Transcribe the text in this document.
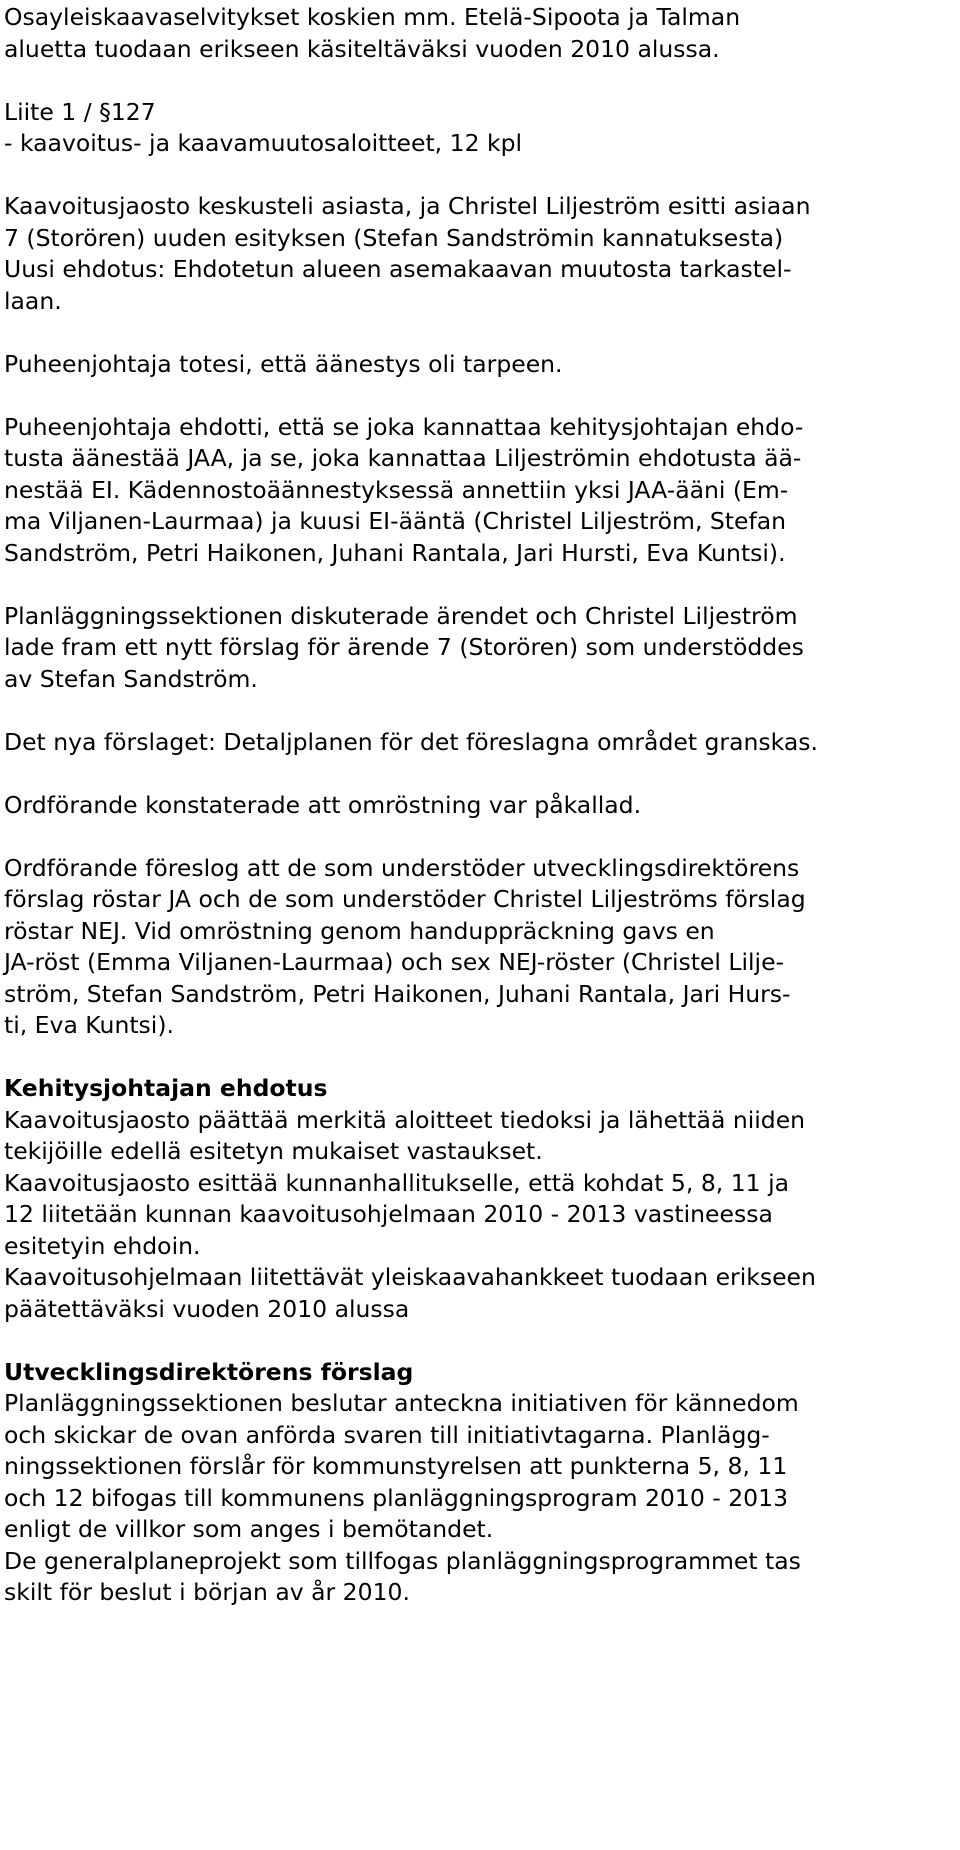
Osayleiskaavaselvitykset koskien mm. Etelä-Sipoota ja Talman
aluetta tuodaan erikseen käsiteltäväksi vuoden 2010 alussa.
Liite 1 / §127
- kaavoitus- ja kaavamuutosaloitteet, 12 kpl
Kaavoitusjaosto keskusteli asiasta, ja Christel Liljeström esitti asiaan
7 (Storören) uuden esityksen (Stefan Sandströmin kannatuksesta)
Uusi ehdotus: Ehdotetun alueen asemakaavan muutosta tarkastel-
laan.
Puheenjohtaja totesi, että äänestys oli tarpeen.
Puheenjohtaja ehdotti, että se joka kannattaa kehitysjohtajan ehdo-
tusta äänestää JAA, ja se, joka kannattaa Liljeströmin ehdotusta ää-
nestää EI. Kädennostoäännestyksessä annettiin yksi JAA-ääni (Em-
ma Viljanen-Laurmaa) ja kuusi EI-ääntä (Christel Liljeström, Stefan
Sandström, Petri Haikonen, Juhani Rantala, Jari Hursti, Eva Kuntsi).
Planläggningssektionen diskuterade ärendet och Christel Liljeström
lade fram ett nytt förslag för ärende 7 (Storören) som understöddes
av Stefan Sandström.
Det nya förslaget: Detaljplanen för det föreslagna området granskas.
Ordförande konstaterade att omröstning var påkallad.
Ordförande föreslog att de som understöder utvecklingsdirektörens
förslag röstar JA och de som understöder Christel Liljeströms förslag
röstar NEJ. Vid omröstning genom handuppräckning gavs en
JA-röst (Emma Viljanen-Laurmaa) och sex NEJ-röster (Christel Lilje-
ström, Stefan Sandström, Petri Haikonen, Juhani Rantala, Jari Hurs-
ti, Eva Kuntsi).
Kehitysjohtajan ehdotus
Kaavoitusjaosto päättää merkitä aloitteet tiedoksi ja lähettää niiden
tekijöille edellä esitetyn mukaiset vastaukset.
Kaavoitusjaosto esittää kunnanhallitukselle, että kohdat 5, 8, 11 ja
12 liitetään kunnan kaavoitusohjelmaan 2010 - 2013 vastineessa
esitetyin ehdoin.
Kaavoitusohjelmaan liitettävät yleiskaavahankkeet tuodaan erikseen
päätettäväksi vuoden 2010 alussa
Utvecklingsdirektörens förslag
Planläggningssektionen beslutar anteckna initiativen för kännedom
och skickar de ovan anförda svaren till initiativtagarna. Planlägg-
ningssektionen förslår för kommunstyrelsen att punkterna 5, 8, 11
och 12 bifogas till kommunens planläggningsprogram 2010 - 2013
enligt de villkor som anges i bemötandet.
De generalplaneprojekt som tillfogas planläggningsprogrammet tas
skilt för beslut i början av år 2010.
